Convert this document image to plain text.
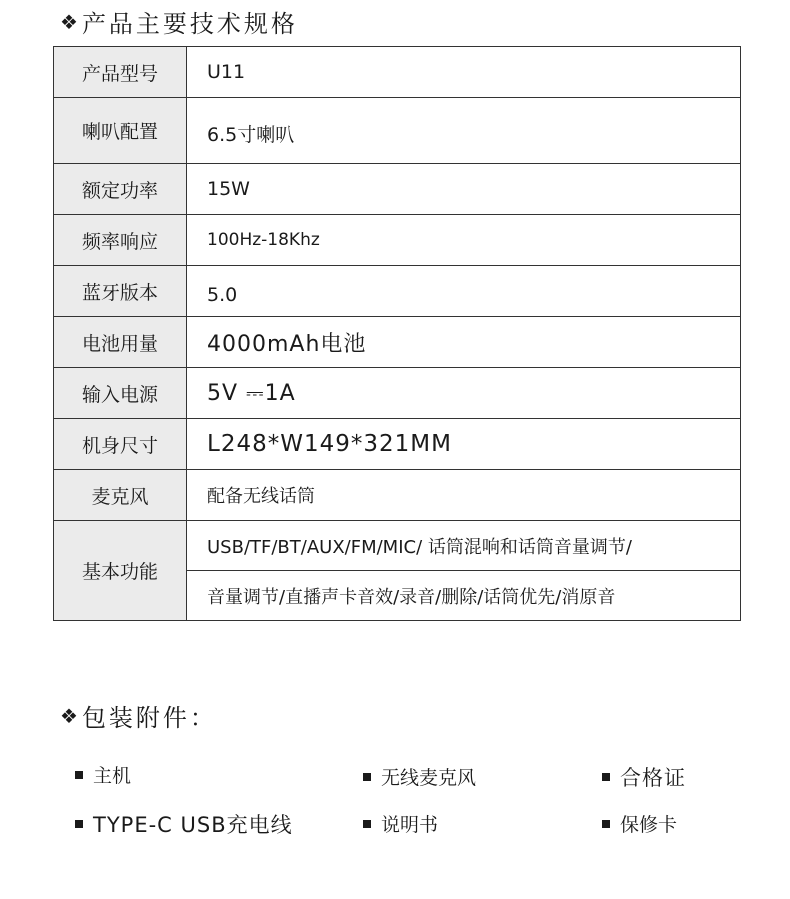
❖ 产品主要技术规格
产品型号	U11
喇叭配置	6.5寸喇叭
额定功率	15W
频率响应	100Hz-18Khz
蓝牙版本	5.0
电池用量	4000mAh电池
输入电源	5V ⎓1A
机身尺寸	L248*W149*321MM
麦克风	配备无线话筒
基本功能	USB/TF/BT/AUX/FM/MIC/ 话筒混响和话筒音量调节/
	音量调节/直播声卡音效/录音/删除/话筒优先/消原音
❖ 包装附件：
主机	无线麦克风	合格证
TYPE-C USB充电线	说明书	保修卡
